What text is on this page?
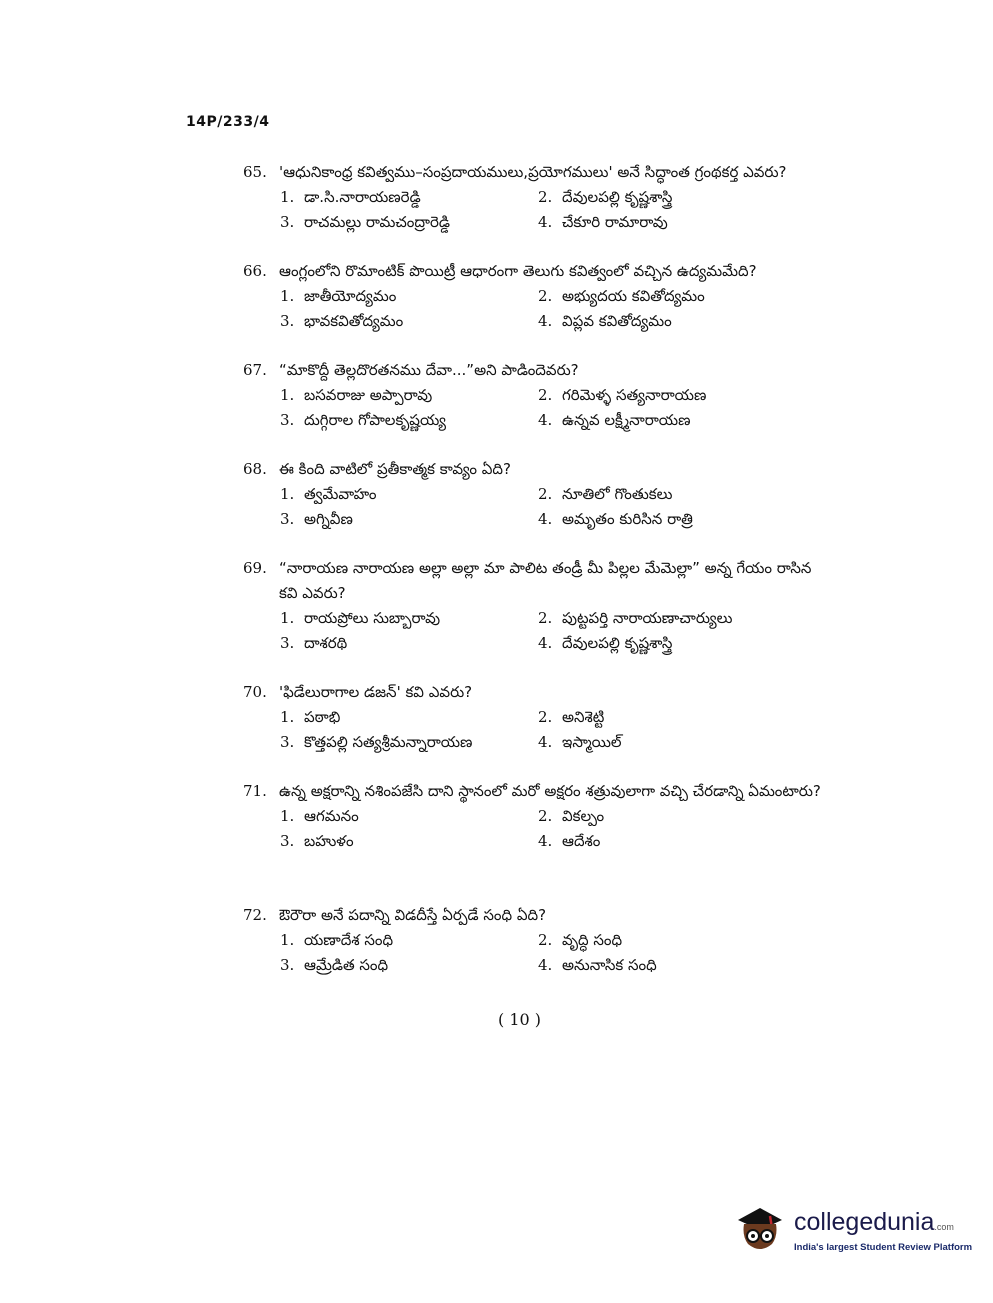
14P/233/4
65. 'ఆధునికాంధ్ర కవిత్వము–సంప్రదాయములు,ప్రయోగములు' అనే సిద్ధాంత గ్రంథకర్త ఎవరు?
1. డా.సి.నారాయణరెడ్డి	2. దేవులపల్లి కృష్ణశాస్త్రి
3. రాచమల్లు రామచంద్రారెడ్డి	4. చేకూరి రామారావు
66. ఆంగ్లంలోని రొమాంటిక్ పొయిట్రీ ఆధారంగా తెలుగు కవిత్వంలో వచ్చిన ఉద్యమమేది?
1. జాతీయోద్యమం	2. అభ్యుదయ కవితోద్యమం
3. భావకవితోద్యమం	4. విప్లవ కవితోద్యమం
67. “మాకొద్దీ తెల్లదొరతనము దేవా...”అని పాడిందెవరు?
1. బసవరాజు అప్పారావు	2. గరిమెళ్ళ సత్యనారాయణ
3. దుగ్గిరాల గోపాలకృష్ణయ్య	4. ఉన్నవ లక్ష్మీనారాయణ
68. ఈ కింది వాటిలో ప్రతీకాత్మక కావ్యం ఏది?
1. త్వమేవాహం	2. నూతిలో గొంతుకలు
3. అగ్నివీణ	4. అమృతం కురిసిన రాత్రి
69. “నారాయణ నారాయణ అల్లా అల్లా మా పాలిట తండ్రీ మీ పిల్లల మేమెల్లా” అన్న గేయం రాసిన కవి ఎవరు?
1. రాయప్రోలు సుబ్బారావు	2. పుట్టపర్తి నారాయణాచార్యులు
3. దాశరథి	4. దేవులపల్లి కృష్ణశాస్త్రి
70. 'ఫిడేలురాగాల డజన్' కవి ఎవరు?
1. పఠాభి	2. అనిశెట్టి
3. కొత్తపల్లి సత్యశ్రీమన్నారాయణ	4. ఇస్మాయిల్
71. ఉన్న అక్షరాన్ని నశింపజేసి దాని స్థానంలో మరో అక్షరం శత్రువులాగా వచ్చి చేరడాన్ని ఏమంటారు?
1. ఆగమనం	2. వికల్పం
3. బహుళం	4. ఆదేశం
72. ఔరౌరా అనే పదాన్ని విడదీస్తే ఏర్పడే సంధి ఏది?
1. యణాదేశ సంధి	2. వృద్ధి సంధి
3. ఆమ్రేడిత సంధి	4. అనునాసిక సంధి
( 10 )
collegedunia.com
India's largest Student Review Platform
